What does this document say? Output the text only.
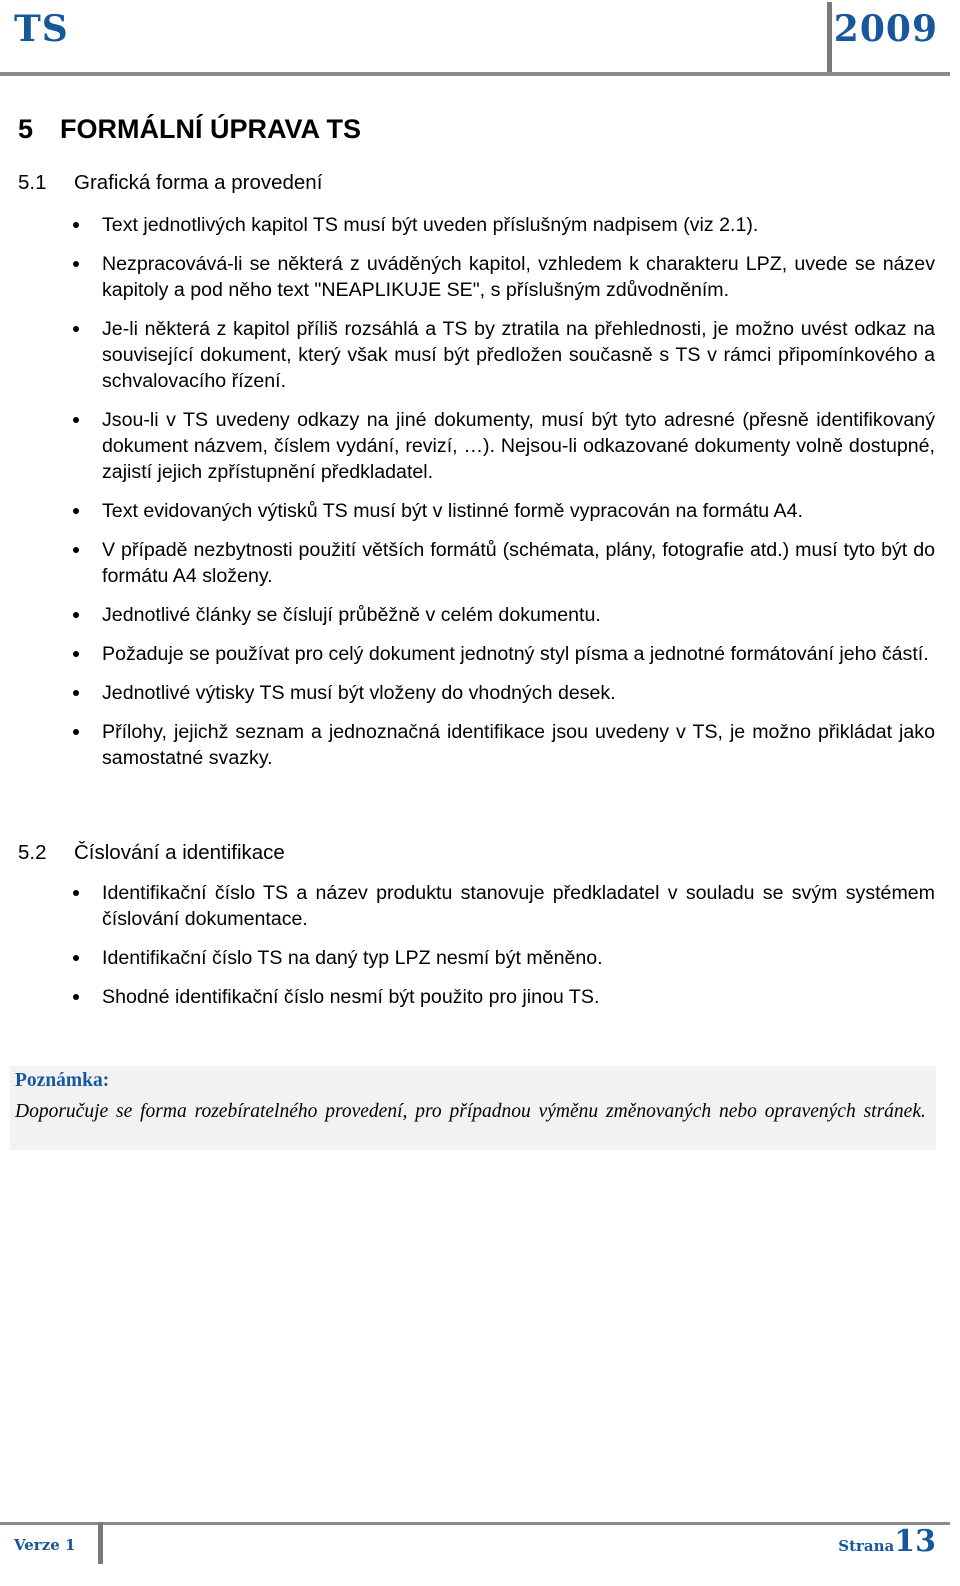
TS	2009
5 FORMÁLNÍ ÚPRAVA TS
5.1 Grafická forma a provedení
Text jednotlivých kapitol TS musí být uveden příslušným nadpisem (viz 2.1).
Nezpracovává-li se některá z uváděných kapitol, vzhledem k charakteru LPZ, uvede se název kapitoly a pod něho text "NEAPLIKUJE SE", s příslušným zdůvodněním.
Je-li některá z kapitol příliš rozsáhlá a TS by ztratila na přehlednosti, je možno uvést odkaz na související dokument, který však musí být předložen současně s TS v rámci připomínkového a schvalovacího řízení.
Jsou-li v TS uvedeny odkazy na jiné dokumenty, musí být tyto adresné (přesně identifikovaný dokument názvem, číslem vydání, revizí, …). Nejsou-li odkazované dokumenty volně dostupné, zajistí jejich zpřístupnění předkladatel.
Text evidovaných výtisků TS musí být v listinné formě vypracován na formátu A4.
V případě nezbytnosti použití větších formátů (schémata, plány, fotografie atd.) musí tyto být do formátu A4 složeny.
Jednotlivé články se číslují průběžně v celém dokumentu.
Požaduje se používat pro celý dokument jednotný styl písma a jednotné formátování jeho částí.
Jednotlivé výtisky TS musí být vloženy do vhodných desek.
Přílohy, jejichž seznam a jednoznačná identifikace jsou uvedeny v TS, je možno přikládat jako samostatné svazky.
5.2 Číslování a identifikace
Identifikační číslo TS a název produktu stanovuje předkladatel v souladu se svým systémem číslování dokumentace.
Identifikační číslo TS na daný typ LPZ nesmí být měněno.
Shodné identifikační číslo nesmí být použito pro jinou TS.
Poznámka:
Doporučuje se forma rozebíratelného provedení, pro případnou výměnu změnovaných nebo opravených stránek.
Verze 1	Strana13
